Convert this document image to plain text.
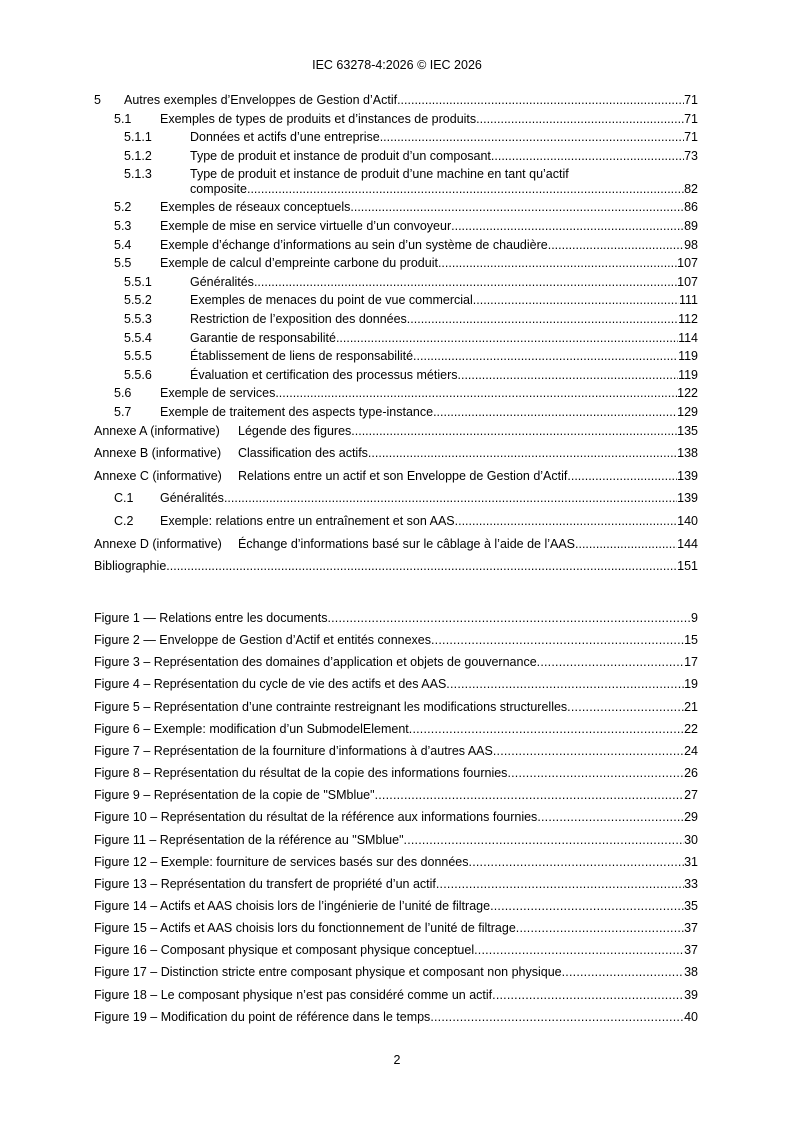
IEC 63278-4:2026 © IEC 2026
5	Autres exemples d’Enveloppes de Gestion d’Actif .....	71
5.1	Exemples de types de produits et d’instances de produits .....	71
5.1.1	Données et actifs d’une entreprise .....	71
5.1.2	Type de produit et instance de produit d’un composant .....	73
5.1.3	Type de produit et instance de produit d’une machine en tant qu’actif
composite .....	82
5.2	Exemples de réseaux conceptuels .....	86
5.3	Exemple de mise en service virtuelle d’un convoyeur .....	89
5.4	Exemple d’échange d’informations au sein d’un système de chaudière .....	98
5.5	Exemple de calcul d’empreinte carbone du produit .....	107
5.5.1	Généralités .....	107
5.5.2	Exemples de menaces du point de vue commercial .....	111
5.5.3	Restriction de l’exposition des données .....	112
5.5.4	Garantie de responsabilité .....	114
5.5.5	Établissement de liens de responsabilité .....	119
5.5.6	Évaluation et certification des processus métiers .....	119
5.6	Exemple de services .....	122
5.7	Exemple de traitement des aspects type-instance .....	129
Annexe A (informative)	Légende des figures .....	135
Annexe B (informative)	Classification des actifs .....	138
Annexe C (informative)	Relations entre un actif et son Enveloppe de Gestion d’Actif .....	139
C.1	Généralités .....	139
C.2	Exemple: relations entre un entraînement et son AAS .....	140
Annexe D (informative)	Échange d’informations basé sur le câblage à l’aide de l’AAS .....	144
Bibliographie .....	151
Figure 1 — Relations entre les documents .....	9
Figure 2 — Enveloppe de Gestion d’Actif et entités connexes .....	15
Figure 3 – Représentation des domaines d’application et objets de gouvernance .....	17
Figure 4 – Représentation du cycle de vie des actifs et des AAS .....	19
Figure 5 – Représentation d’une contrainte restreignant les modifications structurelles .....	21
Figure 6 – Exemple: modification d’un SubmodelElement .....	22
Figure 7 – Représentation de la fourniture d’informations à d’autres AAS .....	24
Figure 8 – Représentation du résultat de la copie des informations fournies .....	26
Figure 9 – Représentation de la copie de "SMblue" .....	27
Figure 10 – Représentation du résultat de la référence aux informations fournies .....	29
Figure 11 – Représentation de la référence au "SMblue" .....	30
Figure 12 – Exemple: fourniture de services basés sur des données .....	31
Figure 13 – Représentation du transfert de propriété d’un actif .....	33
Figure 14 – Actifs et AAS choisis lors de l’ingénierie de l’unité de filtrage .....	35
Figure 15 – Actifs et AAS choisis lors du fonctionnement de l’unité de filtrage .....	37
Figure 16 – Composant physique et composant physique conceptuel .....	37
Figure 17 – Distinction stricte entre composant physique et composant non physique .....	38
Figure 18 – Le composant physique n’est pas considéré comme un actif .....	39
Figure 19 – Modification du point de référence dans le temps .....	40
2
